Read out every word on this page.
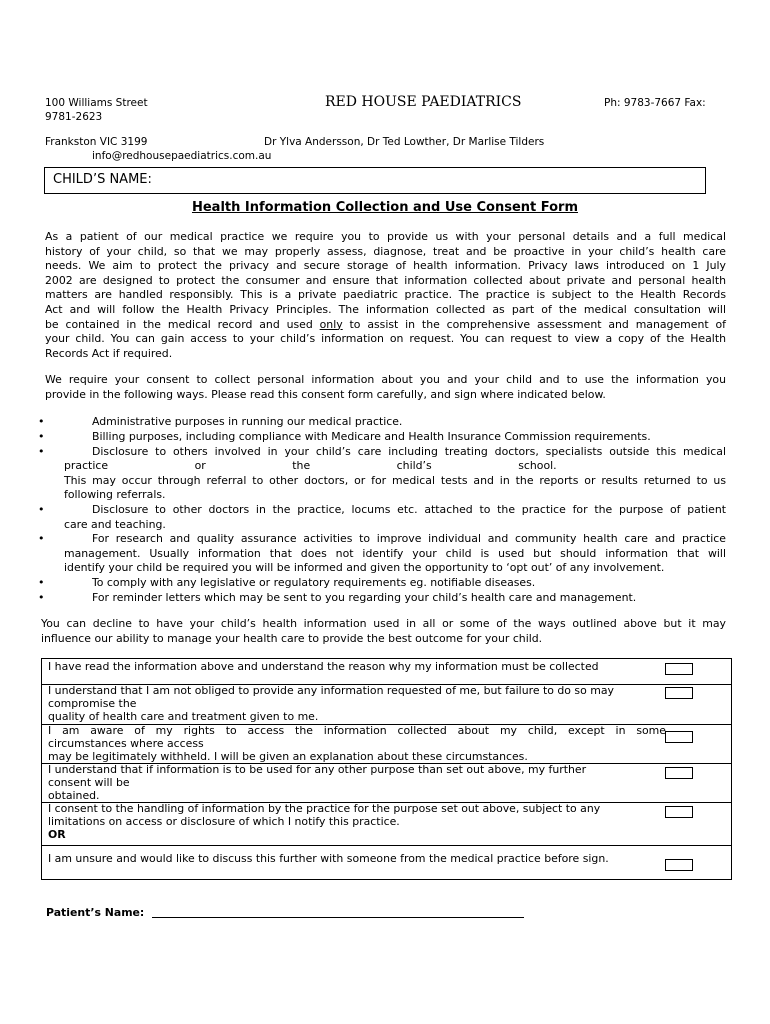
100 Williams Street	RED HOUSE PAEDIATRICS	Ph: 9783-7667 Fax:
9781-2623
Frankston VIC 3199	Dr Ylva Andersson, Dr Ted Lowther, Dr Marlise Tilders
info@redhousepaediatrics.com.au
CHILD’S NAME:
Health Information Collection and Use Consent Form
As a patient of our medical practice we require you to provide us with your personal details and a full medical
history of your child, so that we may properly assess, diagnose, treat and be proactive in your child’s health care
needs. We aim to protect the privacy and secure storage of health information. Privacy laws introduced on 1 July
2002 are designed to protect the consumer and ensure that information collected about private and personal health
matters are handled responsibly. This is a private paediatric practice. The practice is subject to the Health Records
Act and will follow the Health Privacy Principles. The information collected as part of the medical consultation will
be contained in the medical record and used only to assist in the comprehensive assessment and management of
your child. You can gain access to your child’s information on request. You can request to view a copy of the Health
Records Act if required.
We require your consent to collect personal information about you and your child and to use the information you
provide in the following ways. Please read this consent form carefully, and sign where indicated below.
•	Administrative purposes in running our medical practice.
•	Billing purposes, including compliance with Medicare and Health Insurance Commission requirements.
•	Disclosure to others involved in your child’s care including treating doctors, specialists outside this medical
practice                         or                         the                         child’s                         school.
This may occur through referral to other doctors, or for medical tests and in the reports or results returned to us
following referrals.
•	Disclosure to other doctors in the practice, locums etc. attached to the practice for the purpose of patient
care and teaching.
•	For research and quality assurance activities to improve individual and community health care and practice
management. Usually information that does not identify your child is used but should information that will
identify your child be required you will be informed and given the opportunity to ‘opt out’ of any involvement.
•	To comply with any legislative or regulatory requirements eg. notifiable diseases.
•	For reminder letters which may be sent to you regarding your child’s health care and management.
You can decline to have your child’s health information used in all or some of the ways outlined above but it may
influence our ability to manage your health care to provide the best outcome for your child.
I have read the information above and understand the reason why my information must be collected
I understand that I am not obliged to provide any information requested of me, but failure to do so may
compromise the
quality of health care and treatment given to me.
I am aware of my rights to access the information collected about my child, except in some
circumstances where access
may be legitimately withheld. I will be given an explanation about these circumstances.
I understand that if information is to be used for any other purpose than set out above, my further
consent will be
obtained.
I consent to the handling of information by the practice for the purpose set out above, subject to any
limitations on access or disclosure of which I notify this practice.
OR
I am unsure and would like to discuss this further with someone from the medical practice before sign.
Patient’s Name:
